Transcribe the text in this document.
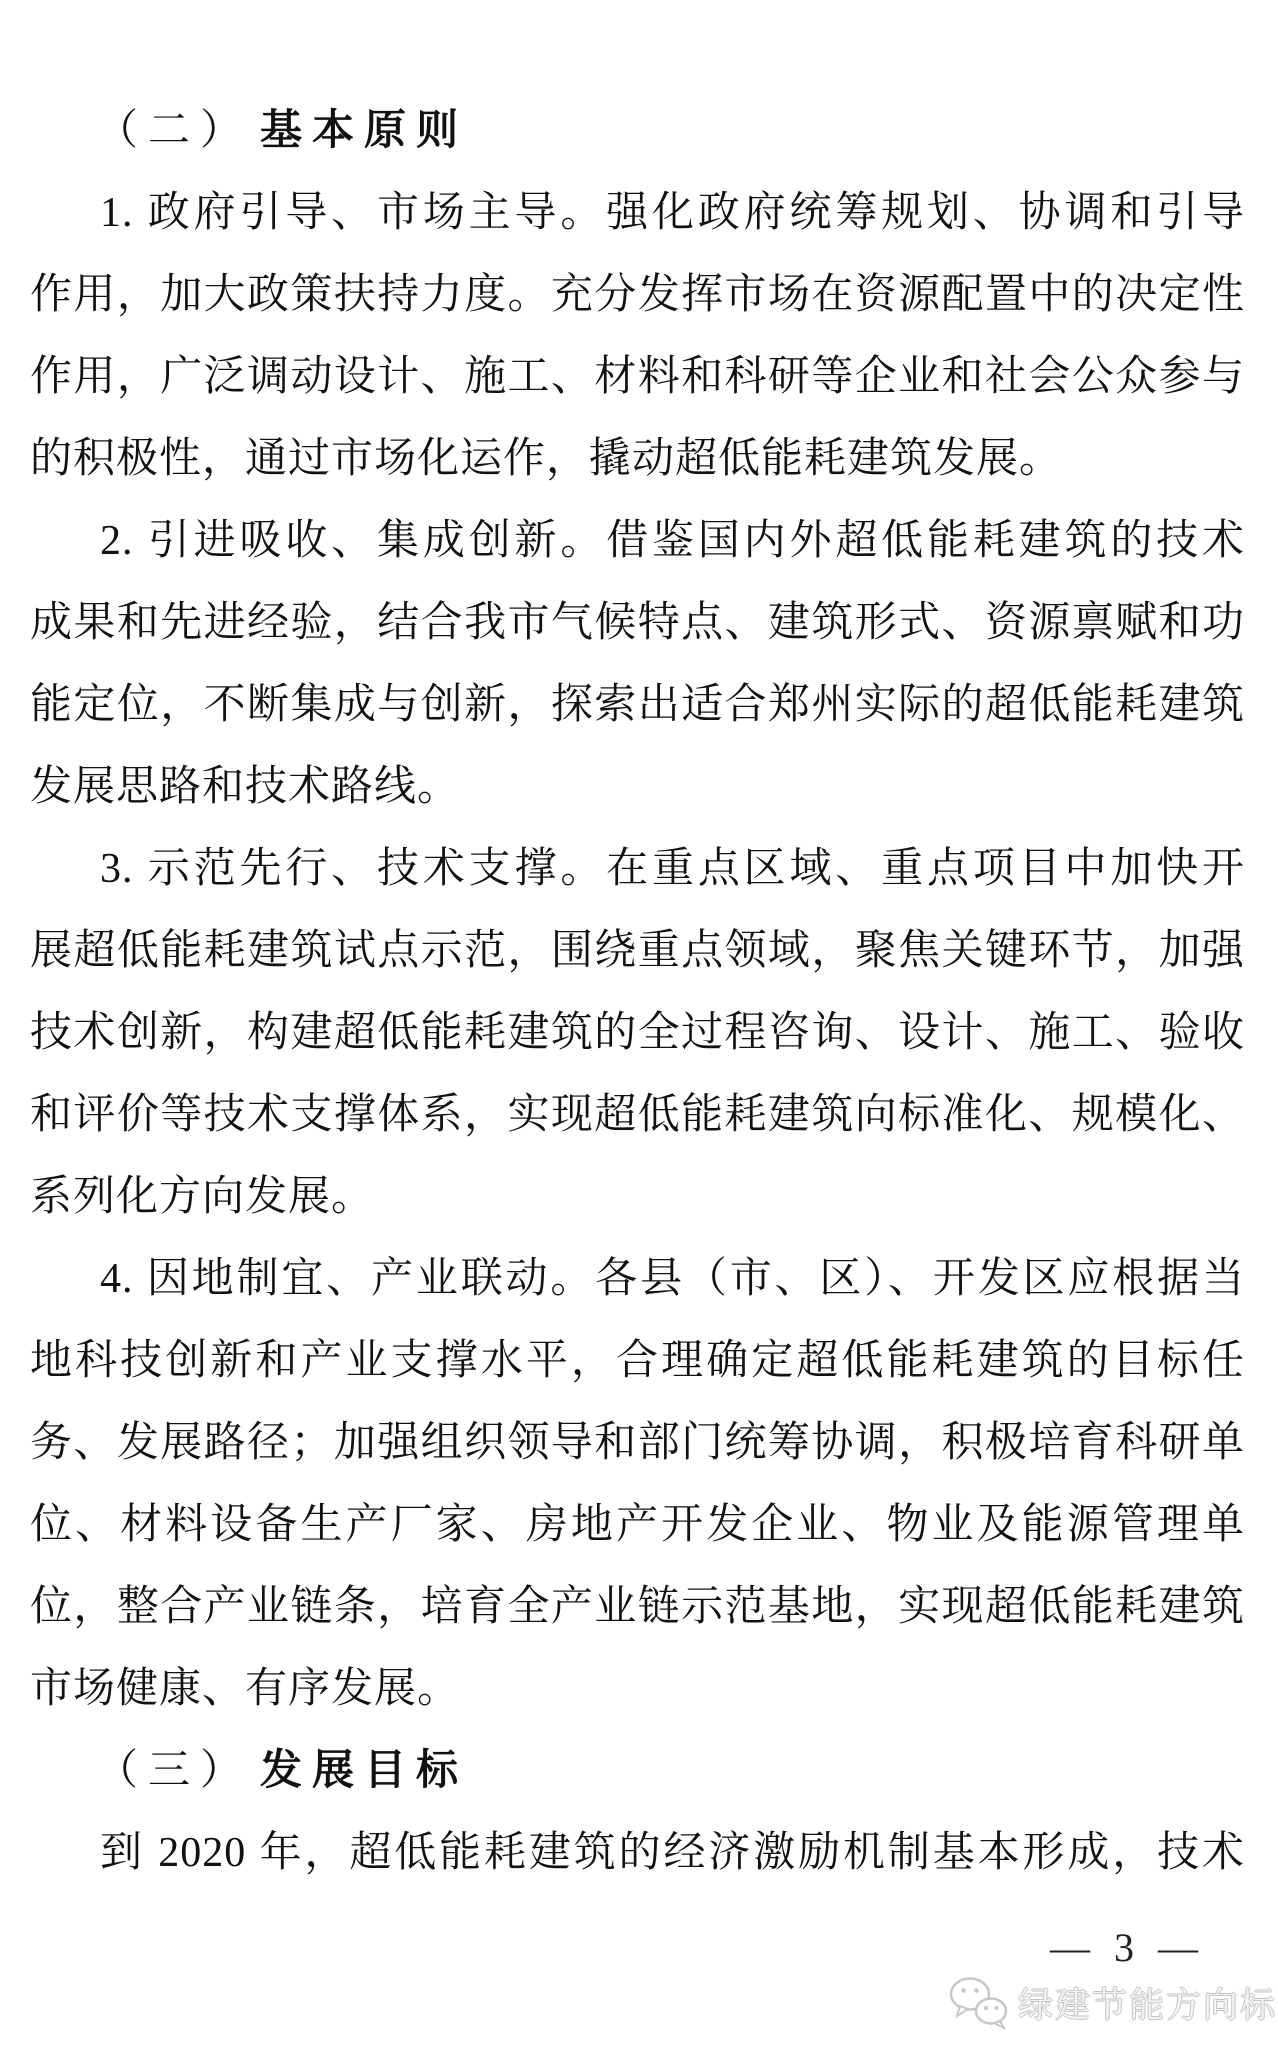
（二） 基本原则
1. 政府引导、市场主导。强化政府统筹规划、协调和引导
作用，加大政策扶持力度。充分发挥市场在资源配置中的决定性
作用，广泛调动设计、施工、材料和科研等企业和社会公众参与
的积极性，通过市场化运作，撬动超低能耗建筑发展。
2. 引进吸收、集成创新。借鉴国内外超低能耗建筑的技术
成果和先进经验，结合我市气候特点、建筑形式、资源禀赋和功
能定位，不断集成与创新，探索出适合郑州实际的超低能耗建筑
发展思路和技术路线。
3. 示范先行、技术支撑。在重点区域、重点项目中加快开
展超低能耗建筑试点示范，围绕重点领域，聚焦关键环节，加强
技术创新，构建超低能耗建筑的全过程咨询、设计、施工、验收
和评价等技术支撑体系，实现超低能耗建筑向标准化、规模化、
系列化方向发展。
4. 因地制宜、产业联动。各县（市、区）、开发区应根据当
地科技创新和产业支撑水平，合理确定超低能耗建筑的目标任
务、发展路径；加强组织领导和部门统筹协调，积极培育科研单
位、材料设备生产厂家、房地产开发企业、物业及能源管理单
位，整合产业链条，培育全产业链示范基地，实现超低能耗建筑
市场健康、有序发展。
（三） 发展目标
到 2020 年，超低能耗建筑的经济激励机制基本形成，技术
— 3 —
绿建节能方向标
